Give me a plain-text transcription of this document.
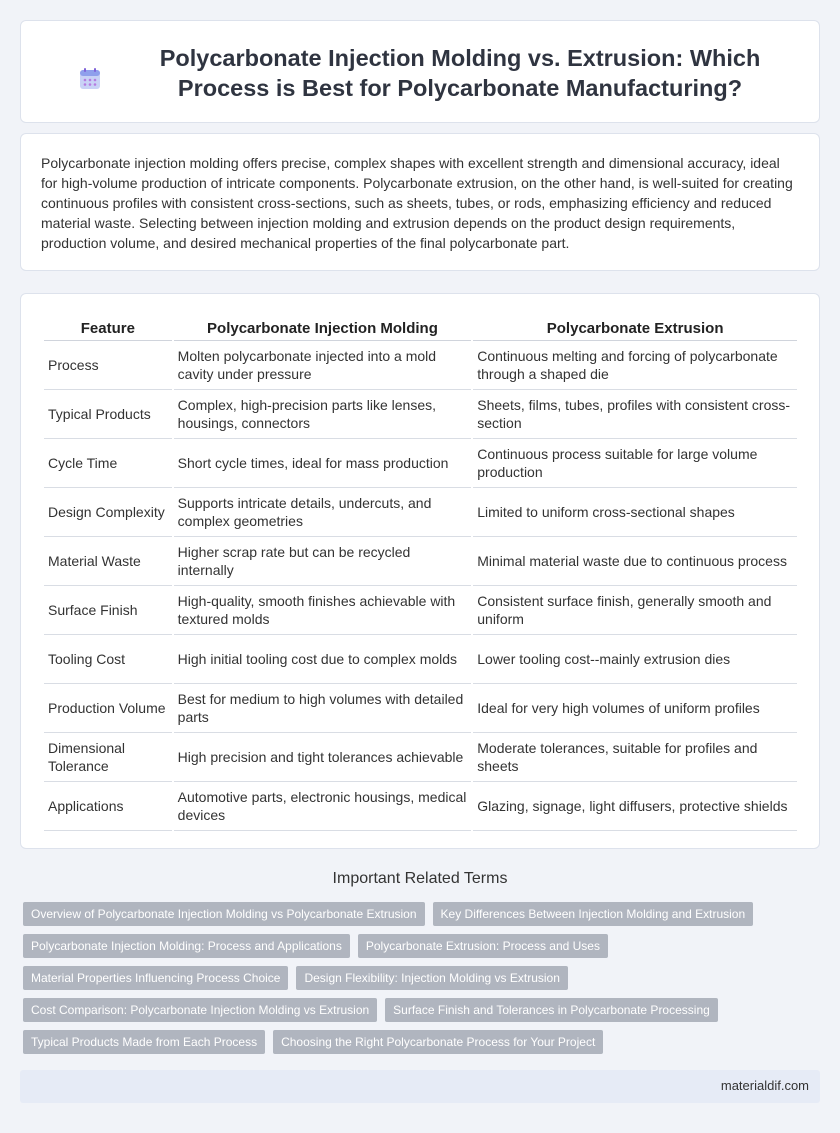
Polycarbonate Injection Molding vs. Extrusion: Which Process is Best for Polycarbonate Manufacturing?

Polycarbonate injection molding offers precise, complex shapes with excellent strength and dimensional accuracy, ideal for high-volume production of intricate components. Polycarbonate extrusion, on the other hand, is well-suited for creating continuous profiles with consistent cross-sections, such as sheets, tubes, or rods, emphasizing efficiency and reduced material waste. Selecting between injection molding and extrusion depends on the product design requirements, production volume, and desired mechanical properties of the final polycarbonate part.

Feature	Polycarbonate Injection Molding	Polycarbonate Extrusion
Process	Molten polycarbonate injected into a mold cavity under pressure	Continuous melting and forcing of polycarbonate through a shaped die
Typical Products	Complex, high-precision parts like lenses, housings, connectors	Sheets, films, tubes, profiles with consistent cross-section
Cycle Time	Short cycle times, ideal for mass production	Continuous process suitable for large volume production
Design Complexity	Supports intricate details, undercuts, and complex geometries	Limited to uniform cross-sectional shapes
Material Waste	Higher scrap rate but can be recycled internally	Minimal material waste due to continuous process
Surface Finish	High-quality, smooth finishes achievable with textured molds	Consistent surface finish, generally smooth and uniform
Tooling Cost	High initial tooling cost due to complex molds	Lower tooling cost--mainly extrusion dies
Production Volume	Best for medium to high volumes with detailed parts	Ideal for very high volumes of uniform profiles
Dimensional Tolerance	High precision and tight tolerances achievable	Moderate tolerances, suitable for profiles and sheets
Applications	Automotive parts, electronic housings, medical devices	Glazing, signage, light diffusers, protective shields
Important Related Terms
Overview of Polycarbonate Injection Molding vs Polycarbonate Extrusion	Key Differences Between Injection Molding and Extrusion
Polycarbonate Injection Molding: Process and Applications	Polycarbonate Extrusion: Process and Uses
Material Properties Influencing Process Choice	Design Flexibility: Injection Molding vs Extrusion
Cost Comparison: Polycarbonate Injection Molding vs Extrusion	Surface Finish and Tolerances in Polycarbonate Processing
Typical Products Made from Each Process	Choosing the Right Polycarbonate Process for Your Project
materialdif.com
